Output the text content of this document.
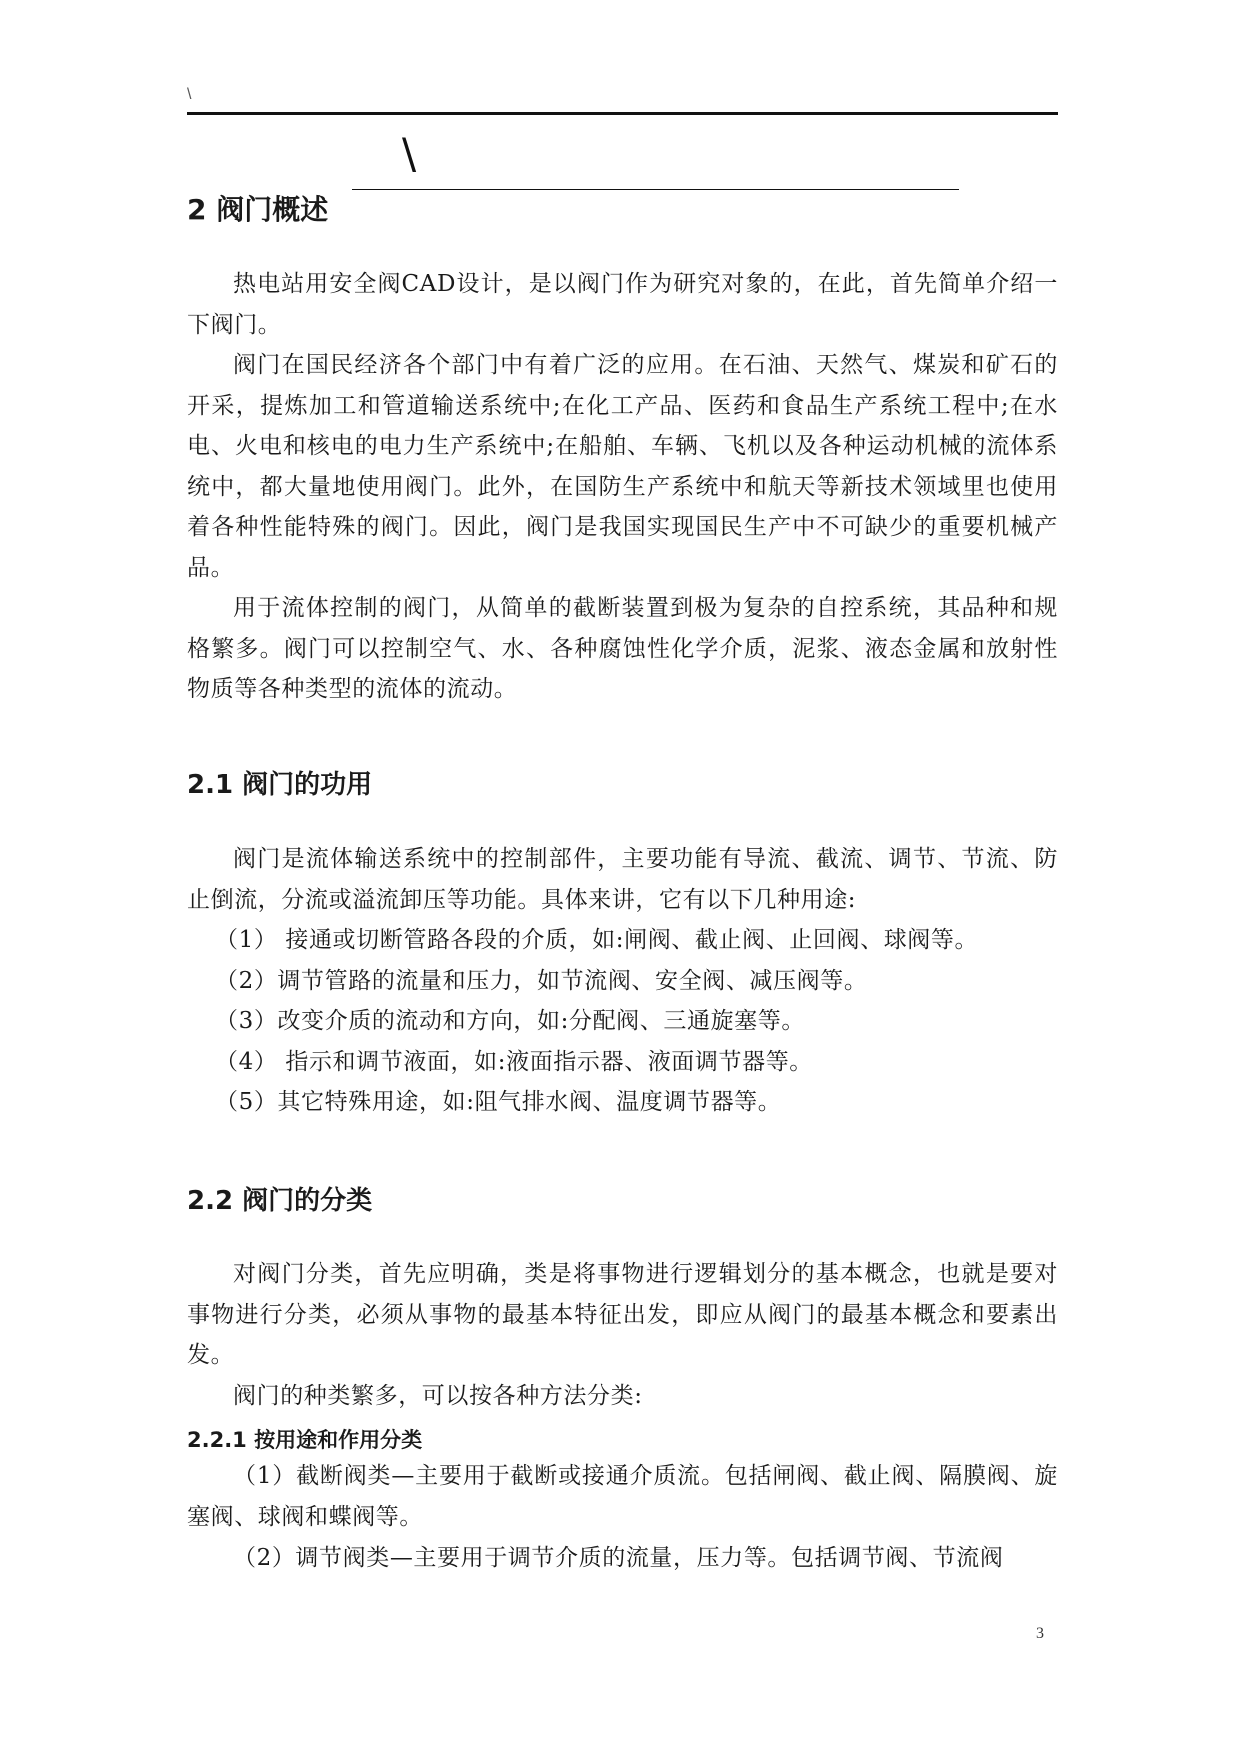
\
\
2 阀门概述

热电站用安全阀CAD设计，是以阀门作为研究对象的，在此，首先简单介绍一下阀门。

阀门在国民经济各个部门中有着广泛的应用。在石油、天然气、煤炭和矿石的开采，提炼加工和管道输送系统中;在化工产品、医药和食品生产系统工程中;在水电、火电和核电的电力生产系统中;在船舶、车辆、飞机以及各种运动机械的流体系统中，都大量地使用阀门。此外，在国防生产系统中和航天等新技术领域里也使用着各种性能特殊的阀门。因此，阀门是我国实现国民生产中不可缺少的重要机械产品。

用于流体控制的阀门，从简单的截断装置到极为复杂的自控系统，其品种和规格繁多。阀门可以控制空气、水、各种腐蚀性化学介质，泥浆、液态金属和放射性物质等各种类型的流体的流动。

2.1 阀门的功用

阀门是流体输送系统中的控制部件，主要功能有导流、截流、调节、节流、防止倒流，分流或溢流卸压等功能。具体来讲，它有以下几种用途:

（1） 接通或切断管路各段的介质，如:闸阀、截止阀、止回阀、球阀等。
（2）调节管路的流量和压力，如节流阀、安全阀、减压阀等。
（3）改变介质的流动和方向，如:分配阀、三通旋塞等。
（4） 指示和调节液面，如:液面指示器、液面调节器等。
（5）其它特殊用途，如:阻气排水阀、温度调节器等。
2.2 阀门的分类

对阀门分类，首先应明确，类是将事物进行逻辑划分的基本概念，也就是要对事物进行分类，必须从事物的最基本特征出发，即应从阀门的最基本概念和要素出发。

阀门的种类繁多，可以按各种方法分类:

2.2.1 按用途和作用分类

（1）截断阀类—主要用于截断或接通介质流。包括闸阀、截止阀、隔膜阀、旋塞阀、球阀和蝶阀等。

（2）调节阀类—主要用于调节介质的流量，压力等。包括调节阀、节流阀

3
